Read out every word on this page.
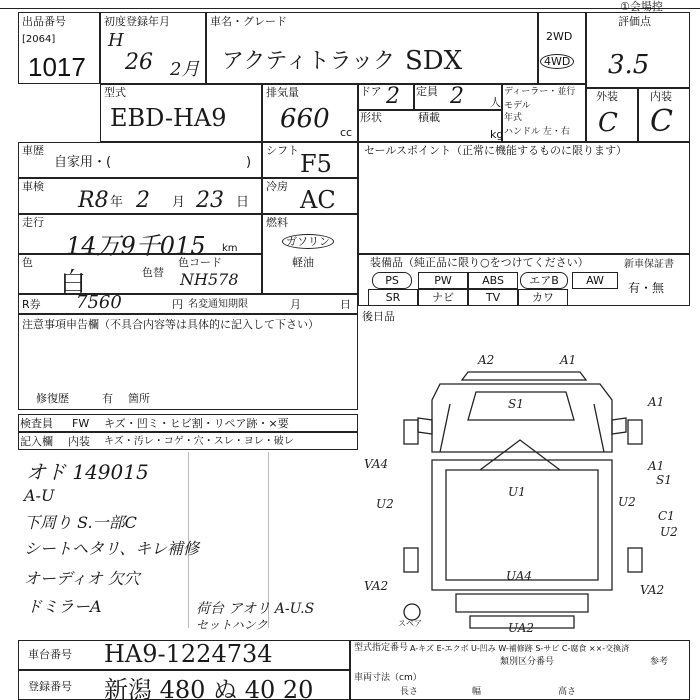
①会場控
出品番号
[2064]
1017
初度登録年月
H
26 2月
車名・グレード
アクティトラック SDX
2WD
4WD
評価点
3.5
型式
EBD-HA9
排気量
660 cc
ドア 2 定員 2 人
形状	積載
kg
ディーラー・並行
モデル
年式
ハンドル 左・右
外装	内装
C C
車歴
自家用・(	)
車検
R8 年 2 月 23 日
走行
14万9千015 km
色
白	色替
色コード
NH578
シフト F5
冷房 AC
燃料
ガソリン
軽油
R券 7560	円 名変通知期限	月	日
注意事項申告欄（不具合内容等は具体的に記入して下さい）
修復歴	有 箇所
セールスポイント（正常に機能するものに限ります）
装備品（純正品に限り○をつけてください）	新車保証書
有・無
PS	PW	ABS	エアB	AW
SR	ナビ	TV	カワ
後日品
検査員
記入欄
FW キズ・凹ミ・ヒビ割・リペア跡・×要
内装 キズ・汚レ・コゲ・穴・スレ・ヨレ・破レ
オド 149015
A-U
下周り S.一部C
シートヘタリ、キレ補修
オーディオ 欠穴
ドミラーA	荷台 アオリ A-U.S
セットハンク
車台番号 HA9-1224734
登録番号 新潟 480 ぬ 40 20
型式指定番号 A-キズ E-エクボ U-凹み W-補修跡 S-サビ C-腐食 ××-交換済
類別区分番号
車両寸法（cm）
長さ	幅	高さ
参考
A2	A1
S1	A1
VA4
U1
U2	U2
A1
S1
C1
U2
VA2
UA4
VA2
UA2
スペア
